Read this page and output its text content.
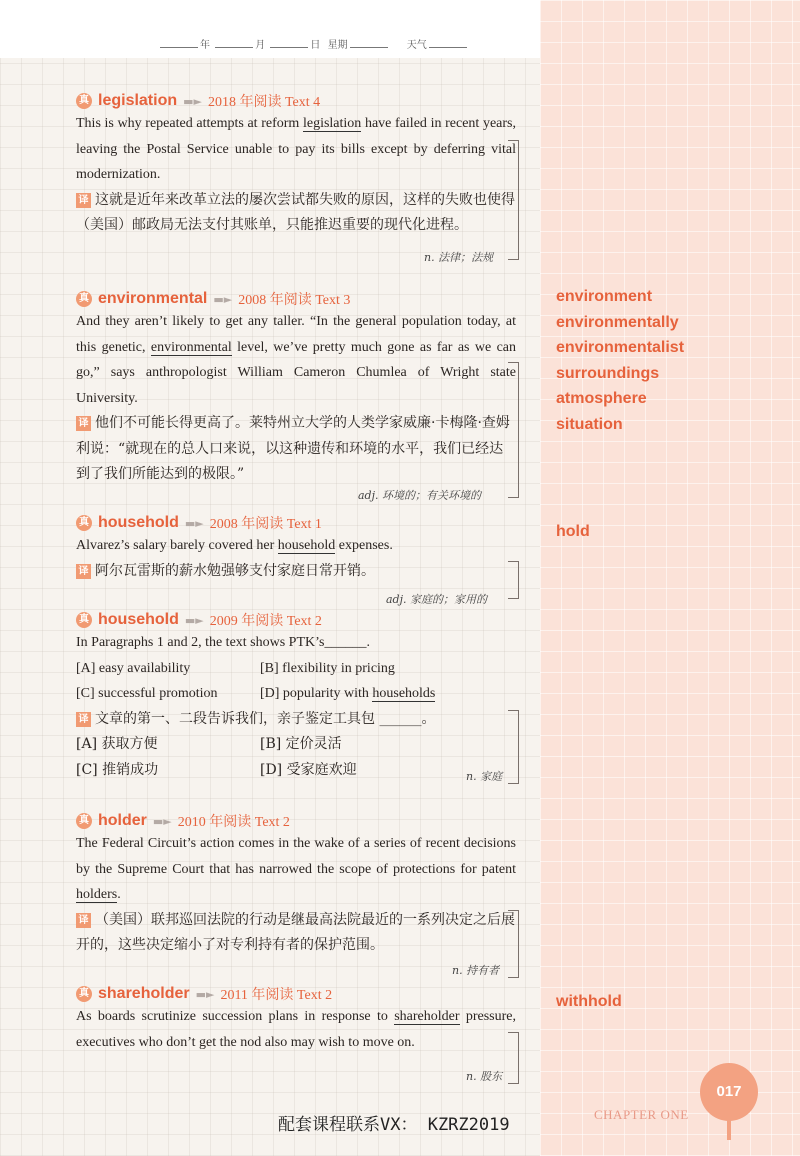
年	月	日 星期	天气
真 legislation ▬► 2018 年阅读 Text 4
This is why repeated attempts at reform legislation have failed in recent years, leaving the Postal Service unable to pay its bills except by deferring vital modernization.
译 这就是近年来改革立法的屡次尝试都失败的原因，这样的失败也使得（美国）邮政局无法支付其账单，只能推迟重要的现代化进程。
n. 法律；法规
真 environmental ▬► 2008 年阅读 Text 3
And they aren’t likely to get any taller. “In the general population today, at this genetic, environmental level, we’ve pretty much gone as far as we can go,” says anthropologist William Cameron Chumlea of Wright state University.
译 他们不可能长得更高了。莱特州立大学的人类学家威廉·卡梅隆·查姆利说：“就现在的总人口来说，以这种遗传和环境的水平，我们已经达到了我们所能达到的极限。”
adj. 环境的；有关环境的
真 household ▬► 2008 年阅读 Text 1
Alvarez’s salary barely covered her household expenses.
译 阿尔瓦雷斯的薪水勉强够支付家庭日常开销。
adj. 家庭的；家用的
真 household ▬► 2009 年阅读 Text 2
In Paragraphs 1 and 2, the text shows PTK’s______.
[A] easy availability	[B] flexibility in pricing
[C] successful promotion	[D] popularity with households
译 文章的第一、二段告诉我们，亲子鉴定工具包 ______。
[A] 获取方便	[B] 定价灵活
[C] 推销成功	[D] 受家庭欢迎	n. 家庭
真 holder ▬► 2010 年阅读 Text 2
The Federal Circuit’s action comes in the wake of a series of recent decisions by the Supreme Court that has narrowed the scope of protections for patent holders.
译 （美国）联邦巡回法院的行动是继最高法院最近的一系列决定之后展开的，这些决定缩小了对专利持有者的保护范围。
n. 持有者
真 shareholder ▬► 2011 年阅读 Text 2
As boards scrutinize succession plans in response to shareholder pressure, executives who don’t get the nod also may wish to move on.
n. 股东
environment
environmentally
environmentalist
surroundings
atmosphere
situation
hold
withhold
配套课程联系VX： KZRZ2019
CHAPTER ONE
017
